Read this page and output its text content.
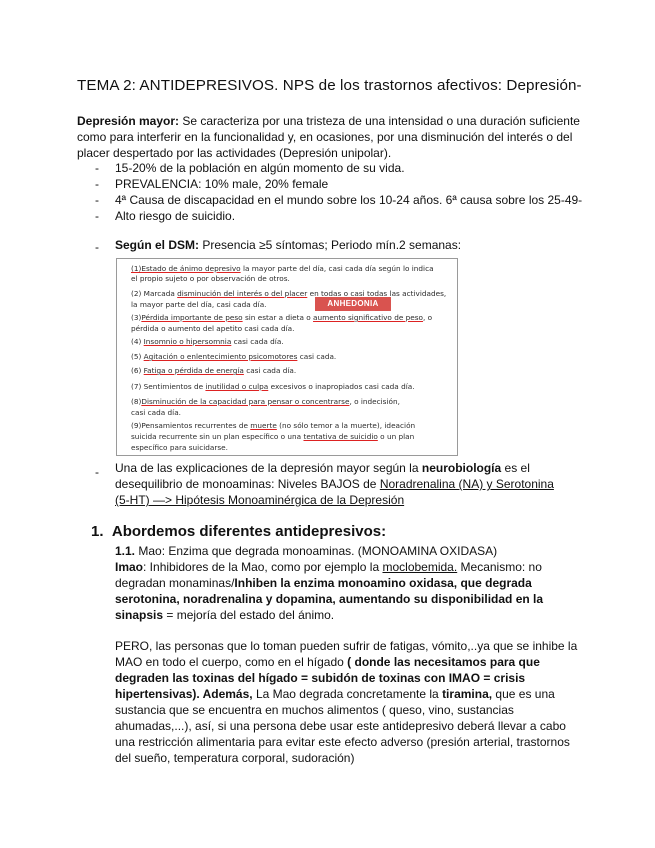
TEMA 2: ANTIDEPRESIVOS. NPS de los trastornos afectivos: Depresión-
Depresión mayor: Se caracteriza por una tristeza de una intensidad o una duración suficiente
como para interferir en la funcionalidad y, en ocasiones, por una disminución del interés o del
placer despertado por las actividades (Depresión unipolar).
- 15-20% de la población en algún momento de su vida.
- PREVALENCIA: 10% male, 20% female
- 4ª Causa de discapacidad en el mundo sobre los 10-24 años. 6ª causa sobre los 25-49-
- Alto riesgo de suicidio.
- Según el DSM: Presencia ≥5 síntomas; Periodo mín.2 semanas:
ANHEDONIA
(1)Estado de ánimo depresivo la mayor parte del día, casi cada día según lo indica
el propio sujeto o por observación de otros.
(2) Marcada disminución del interés o del placer en todas o casi todas las actividades,
la mayor parte del día, casi cada día.
(3)Pérdida importante de peso sin estar a dieta o aumento significativo de peso, o
pérdida o aumento del apetito casi cada día.
(4) Insomnio o hipersomnia casi cada día.
(5) Agitación o enlentecimiento psicomotores casi cada.
(6) Fatiga o pérdida de energía casi cada día.
(7) Sentimientos de inutilidad o culpa excesivos o inapropiados casi cada día.
(8)Disminución de la capacidad para pensar o concentrarse, o indecisión,
casi cada día.
(9)Pensamientos recurrentes de muerte (no sólo temor a la muerte), ideación
suicida recurrente sin un plan específico o una tentativa de suicidio o un plan
específico para suicidarse.
- Una de las explicaciones de la depresión mayor según la neurobiología es el
desequilibrio de monoaminas: Niveles BAJOS de Noradrenalina (NA) y Serotonina
(5-HT) —> Hipótesis Monoaminérgica de la Depresión
1. Abordemos diferentes antidepresivos:
1.1. Mao: Enzima que degrada monoaminas. (MONOAMINA OXIDASA)
Imao: Inhibidores de la Mao, como por ejemplo la moclobemida. Mecanismo: no
degradan monaminas/Inhiben la enzima monoamino oxidasa, que degrada
serotonina, noradrenalina y dopamina, aumentando su disponibilidad en la
sinapsis = mejoría del estado del ánimo.
PERO, las personas que lo toman pueden sufrir de fatigas, vómito,..ya que se inhibe la
MAO en todo el cuerpo, como en el hígado ( donde las necesitamos para que
degraden las toxinas del hígado = subidón de toxinas con IMAO = crisis
hipertensivas). Además, La Mao degrada concretamente la tiramina, que es una
sustancia que se encuentra en muchos alimentos ( queso, vino, sustancias
ahumadas,...), así, si una persona debe usar este antidepresivo deberá llevar a cabo
una restricción alimentaria para evitar este efecto adverso (presión arterial, trastornos
del sueño, temperatura corporal, sudoración)
